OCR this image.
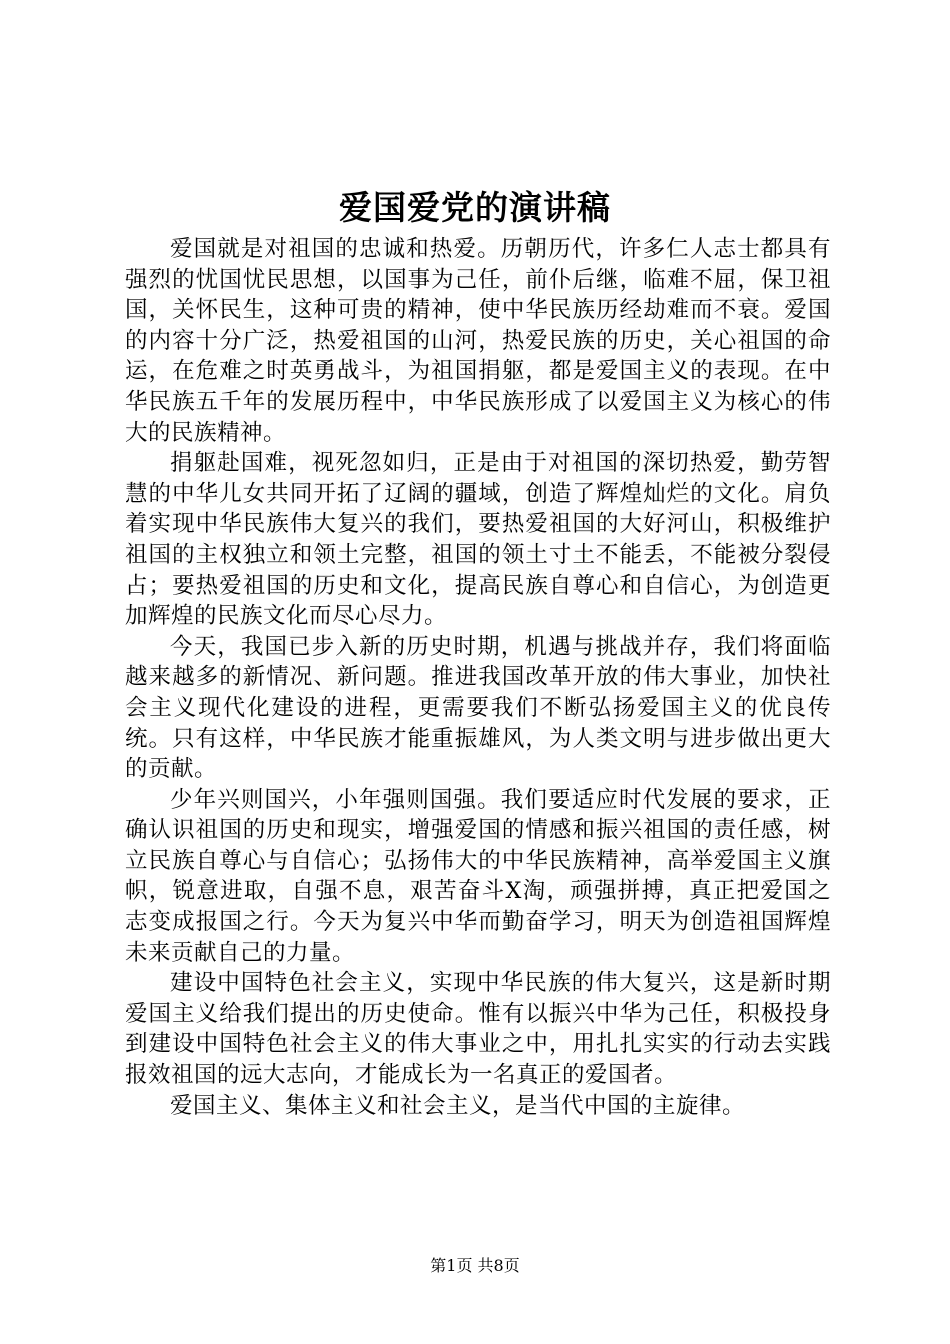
爱国爱党的演讲稿

爱国就是对祖国的忠诚和热爱。历朝历代，许多仁人志士都具有强烈的忧国忧民思想，以国事为己任，前仆后继，临难不屈，保卫祖国，关怀民生，这种可贵的精神，使中华民族历经劫难而不衰。爱国的内容十分广泛，热爱祖国的山河，热爱民族的历史，关心祖国的命运，在危难之时英勇战斗，为祖国捐躯，都是爱国主义的表现。在中华民族五千年的发展历程中，中华民族形成了以爱国主义为核心的伟大的民族精神。

捐躯赴国难，视死忽如归，正是由于对祖国的深切热爱，勤劳智慧的中华儿女共同开拓了辽阔的疆域，创造了辉煌灿烂的文化。肩负着实现中华民族伟大复兴的我们，要热爱祖国的大好河山，积极维护祖国的主权独立和领土完整，祖国的领土寸土不能丢，不能被分裂侵占；要热爱祖国的历史和文化，提高民族自尊心和自信心，为创造更加辉煌的民族文化而尽心尽力。

今天，我国已步入新的历史时期，机遇与挑战并存，我们将面临越来越多的新情况、新问题。推进我国改革开放的伟大事业，加快社会主义现代化建设的进程，更需要我们不断弘扬爱国主义的优良传统。只有这样，中华民族才能重振雄风，为人类文明与进步做出更大的贡献。

少年兴则国兴，小年强则国强。我们要适应时代发展的要求，正确认识祖国的历史和现实，增强爱国的情感和振兴祖国的责任感，树立民族自尊心与自信心；弘扬伟大的中华民族精神，高举爱国主义旗帜，锐意进取，自强不息，艰苦奋斗X淘，顽强拼搏，真正把爱国之志变成报国之行。今天为复兴中华而勤奋学习，明天为创造祖国辉煌未来贡献自己的力量。

建设中国特色社会主义，实现中华民族的伟大复兴，这是新时期爱国主义给我们提出的历史使命。惟有以振兴中华为己任，积极投身到建设中国特色社会主义的伟大事业之中，用扎扎实实的行动去实践报效祖国的远大志向，才能成长为一名真正的爱国者。

爱国主义、集体主义和社会主义，是当代中国的主旋律。

第1页 共8页
